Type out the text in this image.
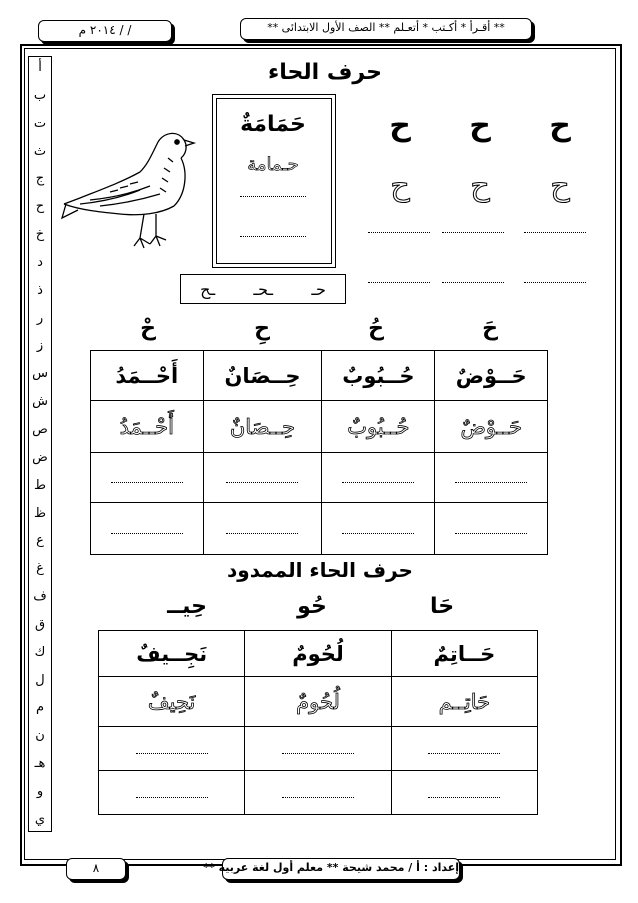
** أقـرأ * أكـتب * أتعـلم ** الصف الأول الابتدائى **
/ / ٢٠١٤ م
أ
ب
ت
ث
ج
ح
خ
د
ذ
ر
ز
س
ش
ص
ض
ط
ظ
ع
غ
ف
ق
ك
ل
م
ن
هـ
و
ي
حرف الحاء
ح
ح
ح
ح
ح
ح
حَمَامَةٌ
حـمامة
حـ
ـحـ
ـح
حَ
حُ
حِ
حْ
حَــوْضٌ	حُــبُوبٌ	حِــصَانٌ	أَحْــمَدُ
حَــوْضٌ	حُــبُوبٌ	حِــصَانٌ	أَحْــمَدُ

حرف الحاء الممدود
حَا
حُو
حِيــ
حَــاتِمٌ	لُحُومٌ	نَجِــيفٌ
حَاتِــم	لُحُومٌ	نَحِيفٌ

٨	إعداد : أ / محمد شيحة ** معلم أول لغة عربية **
